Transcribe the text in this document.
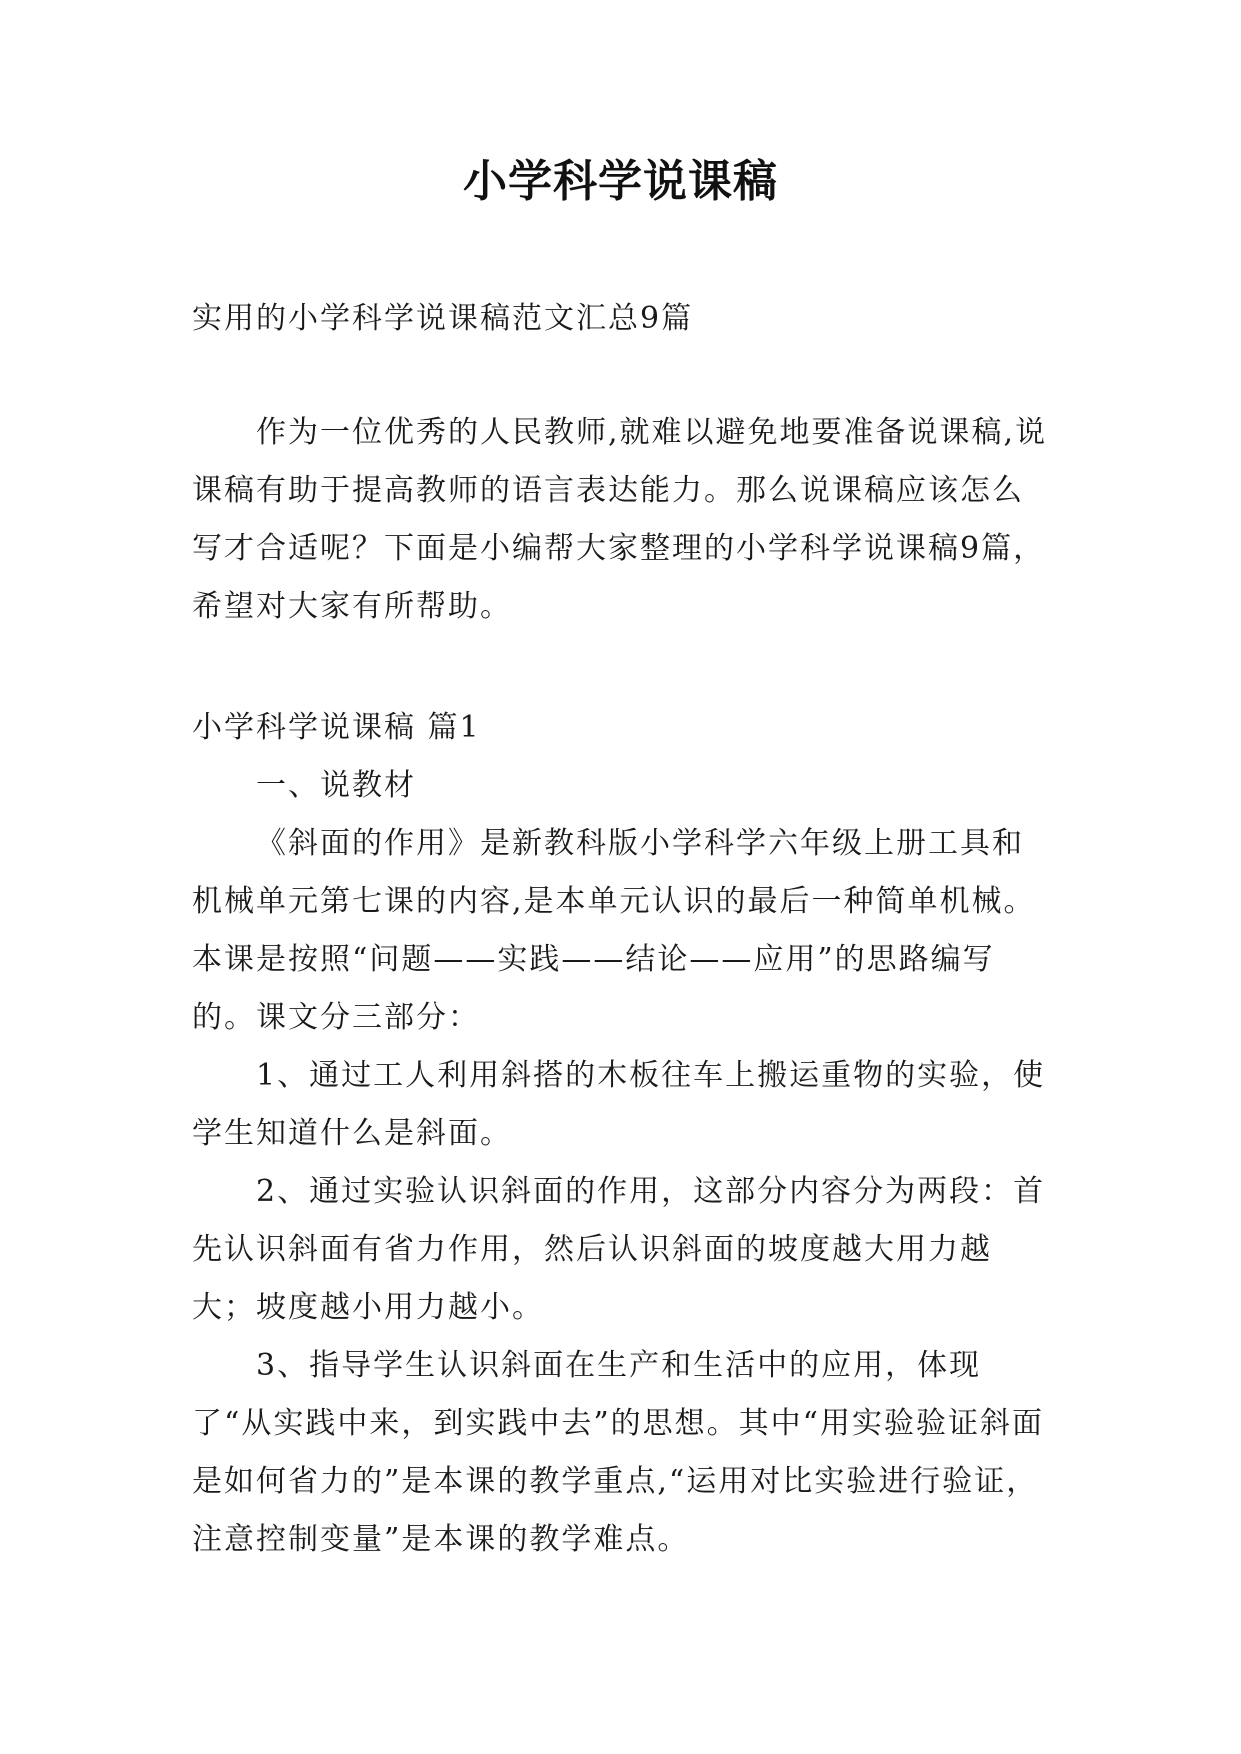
小学科学说课稿

实用的小学科学说课稿范文汇总9篇

作为一位优秀的人民教师,就难以避免地要准备说课稿,说课稿有助于提高教师的语言表达能力。那么说课稿应该怎么写才合适呢？下面是小编帮大家整理的小学科学说课稿9篇，希望对大家有所帮助。

小学科学说课稿 篇1

一、说教材

《斜面的作用》是新教科版小学科学六年级上册工具和机械单元第七课的内容,是本单元认识的最后一种简单机械。本课是按照“问题——实践——结论——应用”的思路编写的。课文分三部分：

1、通过工人利用斜搭的木板往车上搬运重物的实验，使学生知道什么是斜面。

2、通过实验认识斜面的作用，这部分内容分为两段：首先认识斜面有省力作用，然后认识斜面的坡度越大用力越大；坡度越小用力越小。

3、指导学生认识斜面在生产和生活中的应用，体现了“从实践中来，到实践中去”的思想。其中“用实验验证斜面是如何省力的”是本课的教学重点,“运用对比实验进行验证，注意控制变量”是本课的教学难点。
